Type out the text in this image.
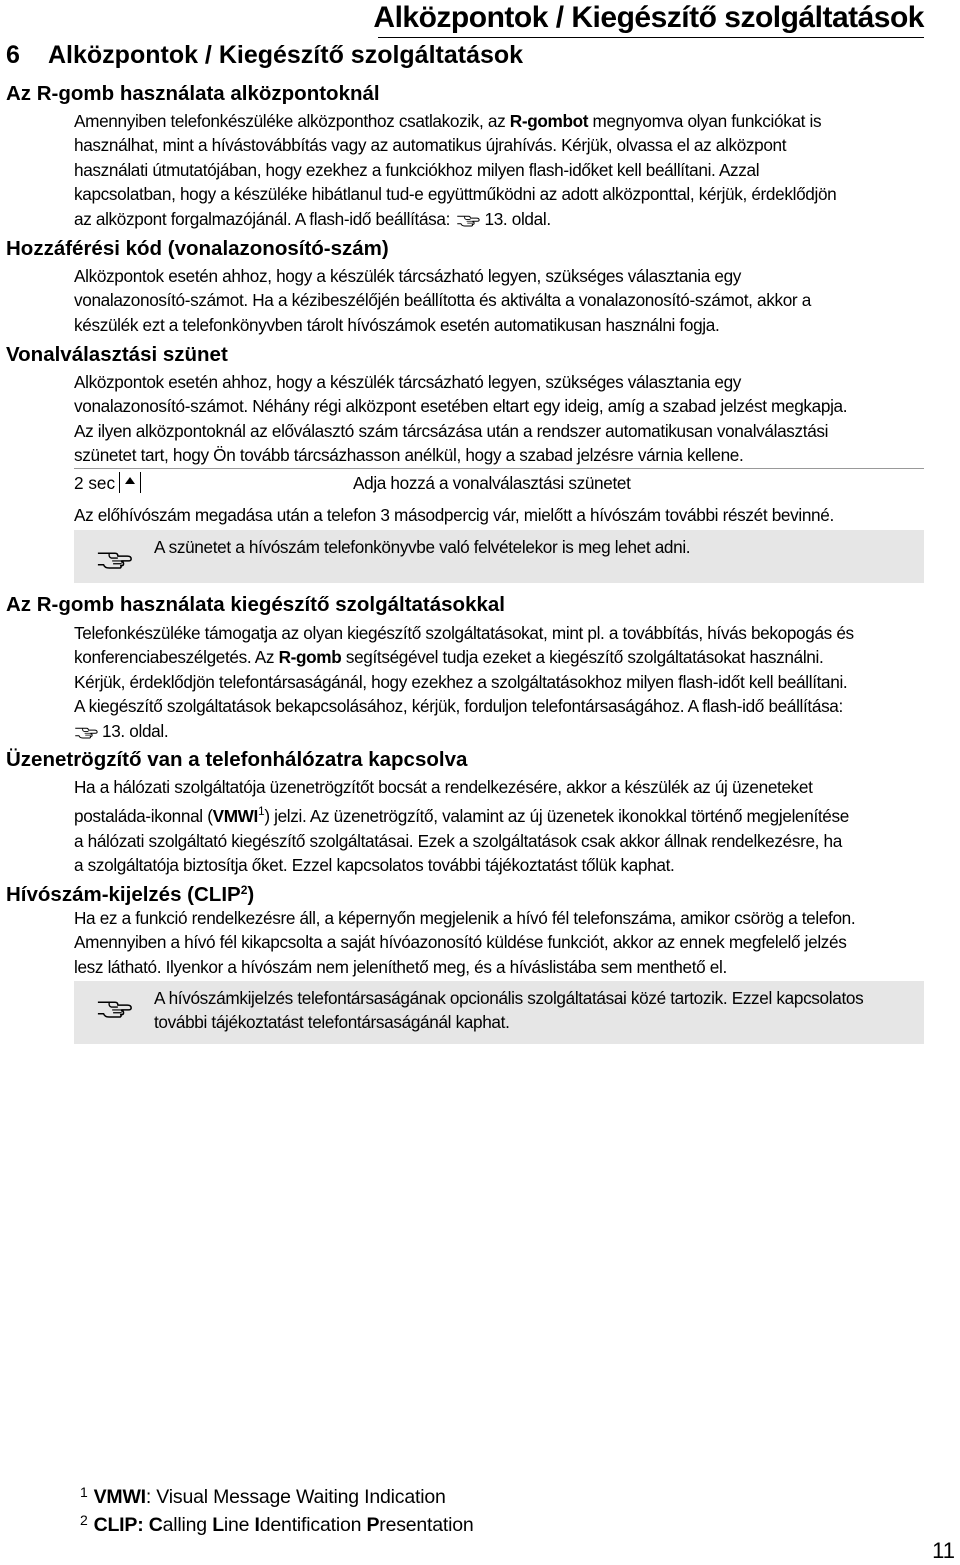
Alközpontok / Kiegészítő szolgáltatások
6 Alközpontok / Kiegészítő szolgáltatások
Az R-gomb használata alközpontoknál
Amennyiben telefonkészüléke alközponthoz csatlakozik, az R-gombot megnyomva olyan funkciókat is
használhat, mint a hívástovábbítás vagy az automatikus újrahívás. Kérjük, olvassa el az alközpont
használati útmutatójában, hogy ezekhez a funkciókhoz milyen flash-időket kell beállítani. Azzal
kapcsolatban, hogy a készüléke hibátlanul tud-e együttműködni az adott alközponttal, kérjük, érdeklődjön
az alközpont forgalmazójánál. A flash-idő beállítása: 13. oldal.
Hozzáférési kód (vonalazonosító-szám)
Alközpontok esetén ahhoz, hogy a készülék tárcsázható legyen, szükséges választania egy
vonalazonosító-számot. Ha a kézibeszélőjén beállította és aktiválta a vonalazonosító-számot, akkor a
készülék ezt a telefonkönyvben tárolt hívószámok esetén automatikusan használni fogja.
Vonalválasztási szünet
Alközpontok esetén ahhoz, hogy a készülék tárcsázható legyen, szükséges választania egy
vonalazonosító-számot. Néhány régi alközpont esetében eltart egy ideig, amíg a szabad jelzést megkapja.
Az ilyen alközpontoknál az előválasztó szám tárcsázása után a rendszer automatikusan vonalválasztási
szünetet tart, hogy Ön tovább tárcsázhasson anélkül, hogy a szabad jelzésre várnia kellene.
2 sec	Adja hozzá a vonalválasztási szünetet
Az előhívószám megadása után a telefon 3 másodpercig vár, mielőtt a hívószám további részét bevinné.
A szünetet a hívószám telefonkönyvbe való felvételekor is meg lehet adni.
Az R-gomb használata kiegészítő szolgáltatásokkal
Telefonkészüléke támogatja az olyan kiegészítő szolgáltatásokat, mint pl. a továbbítás, hívás bekopogás és
konferenciabeszélgetés. Az R-gomb segítségével tudja ezeket a kiegészítő szolgáltatásokat használni.
Kérjük, érdeklődjön telefontársaságánál, hogy ezekhez a szolgáltatásokhoz milyen flash-időt kell beállítani.
A kiegészítő szolgáltatások bekapcsolásához, kérjük, forduljon telefontársaságához. A flash-idő beállítása:
13. oldal.
Üzenetrögzítő van a telefonhálózatra kapcsolva
Ha a hálózati szolgáltatója üzenetrögzítőt bocsát a rendelkezésére, akkor a készülék az új üzeneteket
postaláda-ikonnal (VMWI$^1$) jelzi. Az üzenetrögzítő, valamint az új üzenetek ikonokkal történő megjelenítése
a hálózati szolgáltató kiegészítő szolgáltatásai. Ezek a szolgáltatások csak akkor állnak rendelkezésre, ha
a szolgáltatója biztosítja őket. Ezzel kapcsolatos további tájékoztatást tőlük kaphat.
Hívószám-kijelzés (CLIP$^2$)
Ha ez a funkció rendelkezésre áll, a képernyőn megjelenik a hívó fél telefonszáma, amikor csörög a telefon.
Amennyiben a hívó fél kikapcsolta a saját hívóazonosító küldése funkciót, akkor az ennek megfelelő jelzés
lesz látható. Ilyenkor a hívószám nem jeleníthető meg, és a híváslistába sem menthető el.
A hívószámkijelzés telefontársaságának opcionális szolgáltatásai közé tartozik. Ezzel kapcsolatos
további tájékoztatást telefontársaságánál kaphat.
$^1$ VMWI: Visual Message Waiting Indication
$^2$ CLIP: Calling Line Identification Presentation
11
